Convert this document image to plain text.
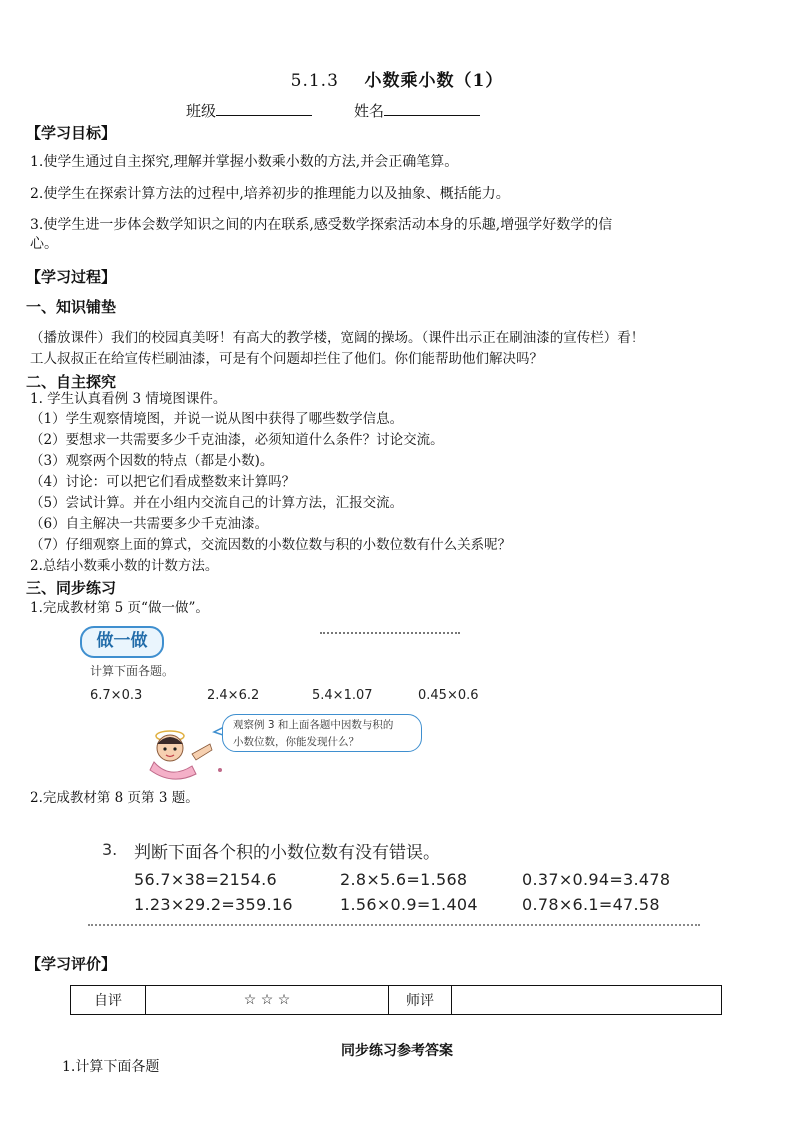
5.1.3 小数乘小数（1）
班级	姓名
【学习目标】
1.使学生通过自主探究,理解并掌握小数乘小数的方法,并会正确笔算。
2.使学生在探索计算方法的过程中,培养初步的推理能力以及抽象、概括能力。
3.使学生进一步体会数学知识之间的内在联系,感受数学探索活动本身的乐趣,增强学好数学的信
心。
【学习过程】
一、知识铺垫
（播放课件）我们的校园真美呀！有高大的教学楼，宽阔的操场。（课件出示正在刷油漆的宣传栏）看！
工人叔叔正在给宣传栏刷油漆，可是有个问题却拦住了他们。你们能帮助他们解决吗？
二、自主探究
1. 学生认真看例 3 情境图课件。
（1）学生观察情境图，并说一说从图中获得了哪些数学信息。
（2）要想求一共需要多少千克油漆，必须知道什么条件？讨论交流。
（3）观察两个因数的特点（都是小数)。
（4）讨论：可以把它们看成整数来计算吗？
（5）尝试计算。并在小组内交流自己的计算方法，汇报交流。
（6）自主解决一共需要多少千克油漆。
（7）仔细观察上面的算式，交流因数的小数位数与积的小数位数有什么关系呢？
2.总结小数乘小数的计数方法。
三、同步练习
1.完成教材第 5 页“做一做”。
做一做
计算下面各题。
6.7×0.3	2.4×6.2	5.4×1.07	0.45×0.6
观察例 3 和上面各题中因数与积的
小数位数，你能发现什么？
2.完成教材第 8 页第 3 题。
3. 判断下面各个积的小数位数有没有错误。
56.7×38=2154.6	2.8×5.6=1.568	0.37×0.94=3.478
1.23×29.2=359.16	1.56×0.9=1.404	0.78×6.1=47.58
【学习评价】
自评	☆ ☆ ☆	师评	
同步练习参考答案
1.计算下面各题
